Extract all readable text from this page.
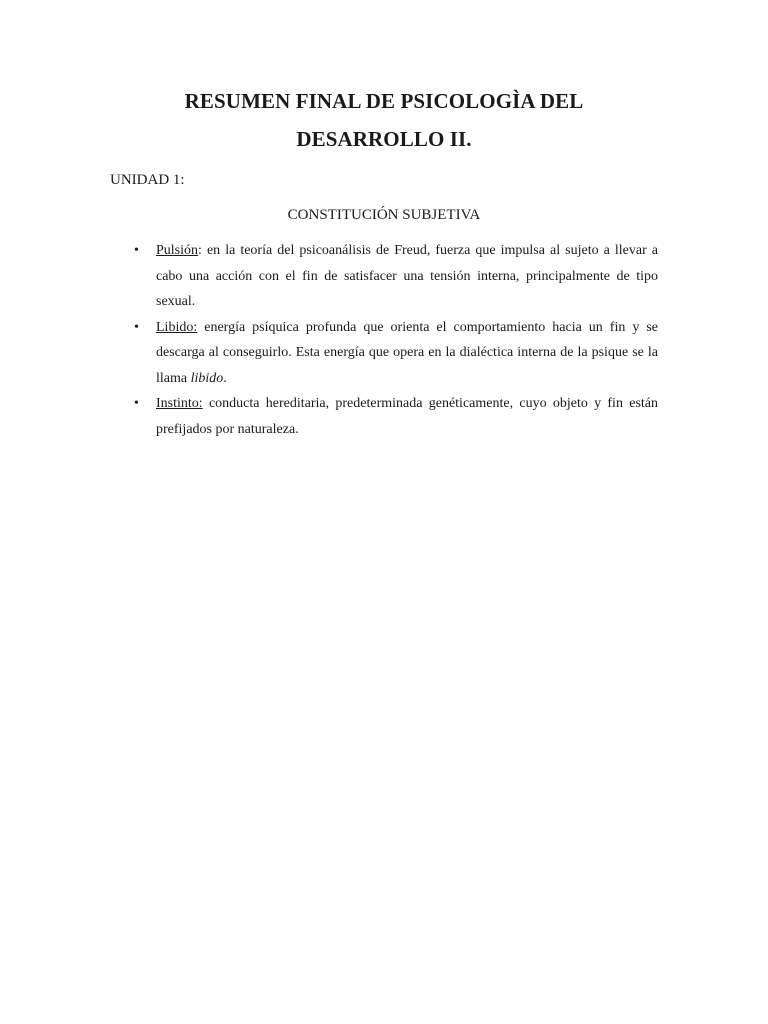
RESUMEN FINAL DE PSICOLOGÌA DEL
DESARROLLO II.

UNIDAD 1:

CONSTITUCIÓN SUBJETIVA

• Pulsión: en la teoría del psicoanálisis de Freud, fuerza que impulsa al sujeto a llevar a cabo una acción con el fin de satisfacer una tensión interna, principalmente de tipo sexual.
• Libido: energía psíquica profunda que orienta el comportamiento hacia un fin y se descarga al conseguirlo. Esta energía que opera en la dialéctica interna de la psique se la llama libido.
• Instinto: conducta hereditaria, predeterminada genéticamente, cuyo objeto y fin están prefijados por naturaleza.
